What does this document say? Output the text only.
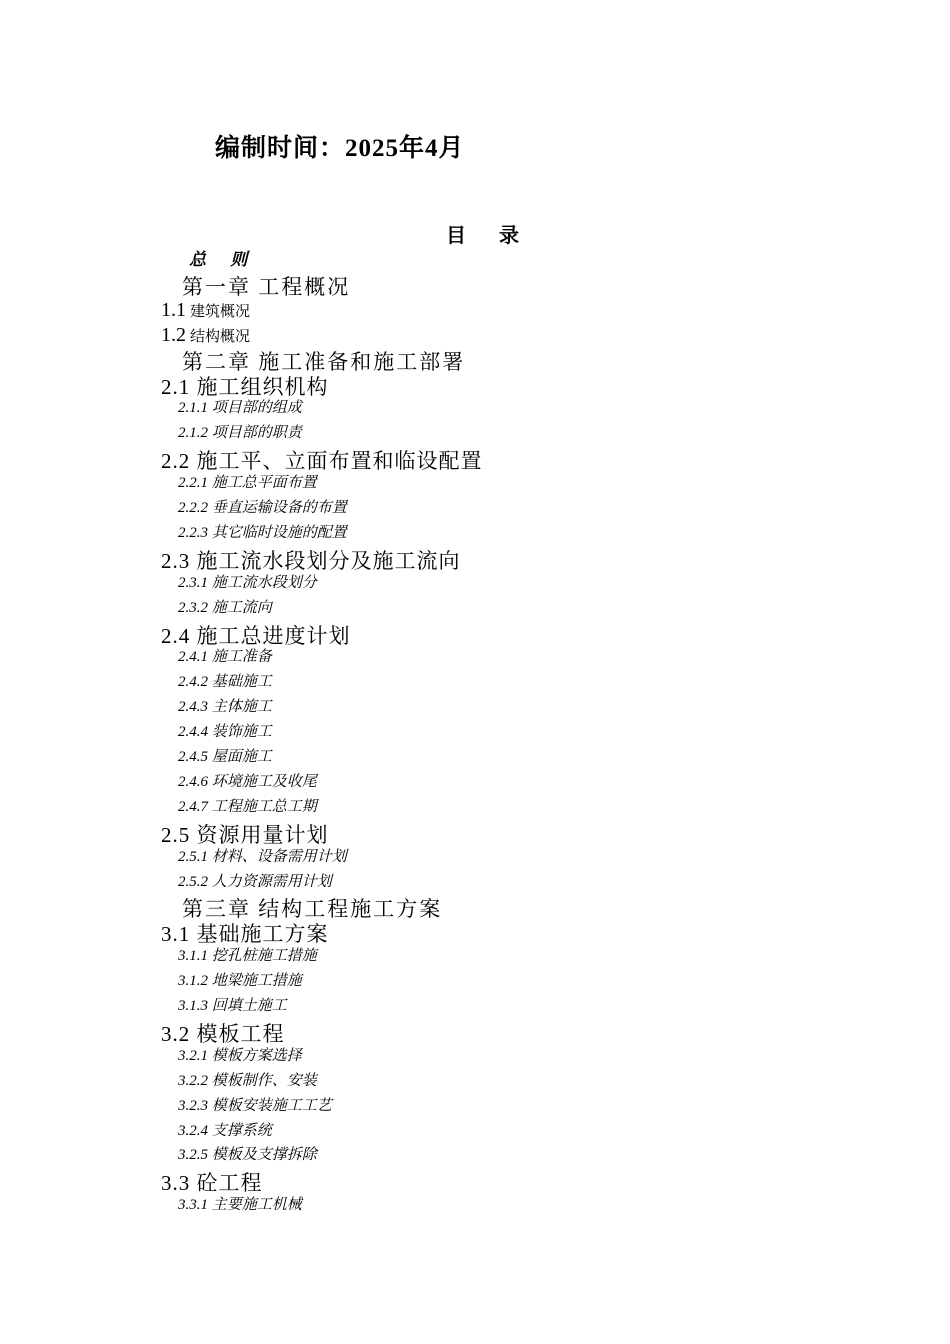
编制时间：2025年4月
目 录
总 则
第一章 工程概况
1.1 建筑概况
1.2 结构概况
第二章 施工准备和施工部署
2.1 施工组织机构
2.1.1 项目部的组成
2.1.2 项目部的职责
2.2 施工平、立面布置和临设配置
2.2.1 施工总平面布置
2.2.2 垂直运输设备的布置
2.2.3 其它临时设施的配置
2.3 施工流水段划分及施工流向
2.3.1 施工流水段划分
2.3.2 施工流向
2.4 施工总进度计划
2.4.1 施工准备
2.4.2 基础施工
2.4.3 主体施工
2.4.4 装饰施工
2.4.5 屋面施工
2.4.6 环境施工及收尾
2.4.7 工程施工总工期
2.5 资源用量计划
2.5.1 材料、设备需用计划
2.5.2 人力资源需用计划
第三章 结构工程施工方案
3.1 基础施工方案
3.1.1 挖孔桩施工措施
3.1.2 地梁施工措施
3.1.3 回填土施工
3.2 模板工程
3.2.1 模板方案选择
3.2.2 模板制作、安装
3.2.3 模板安装施工工艺
3.2.4 支撑系统
3.2.5 模板及支撑拆除
3.3 砼工程
3.3.1 主要施工机械
